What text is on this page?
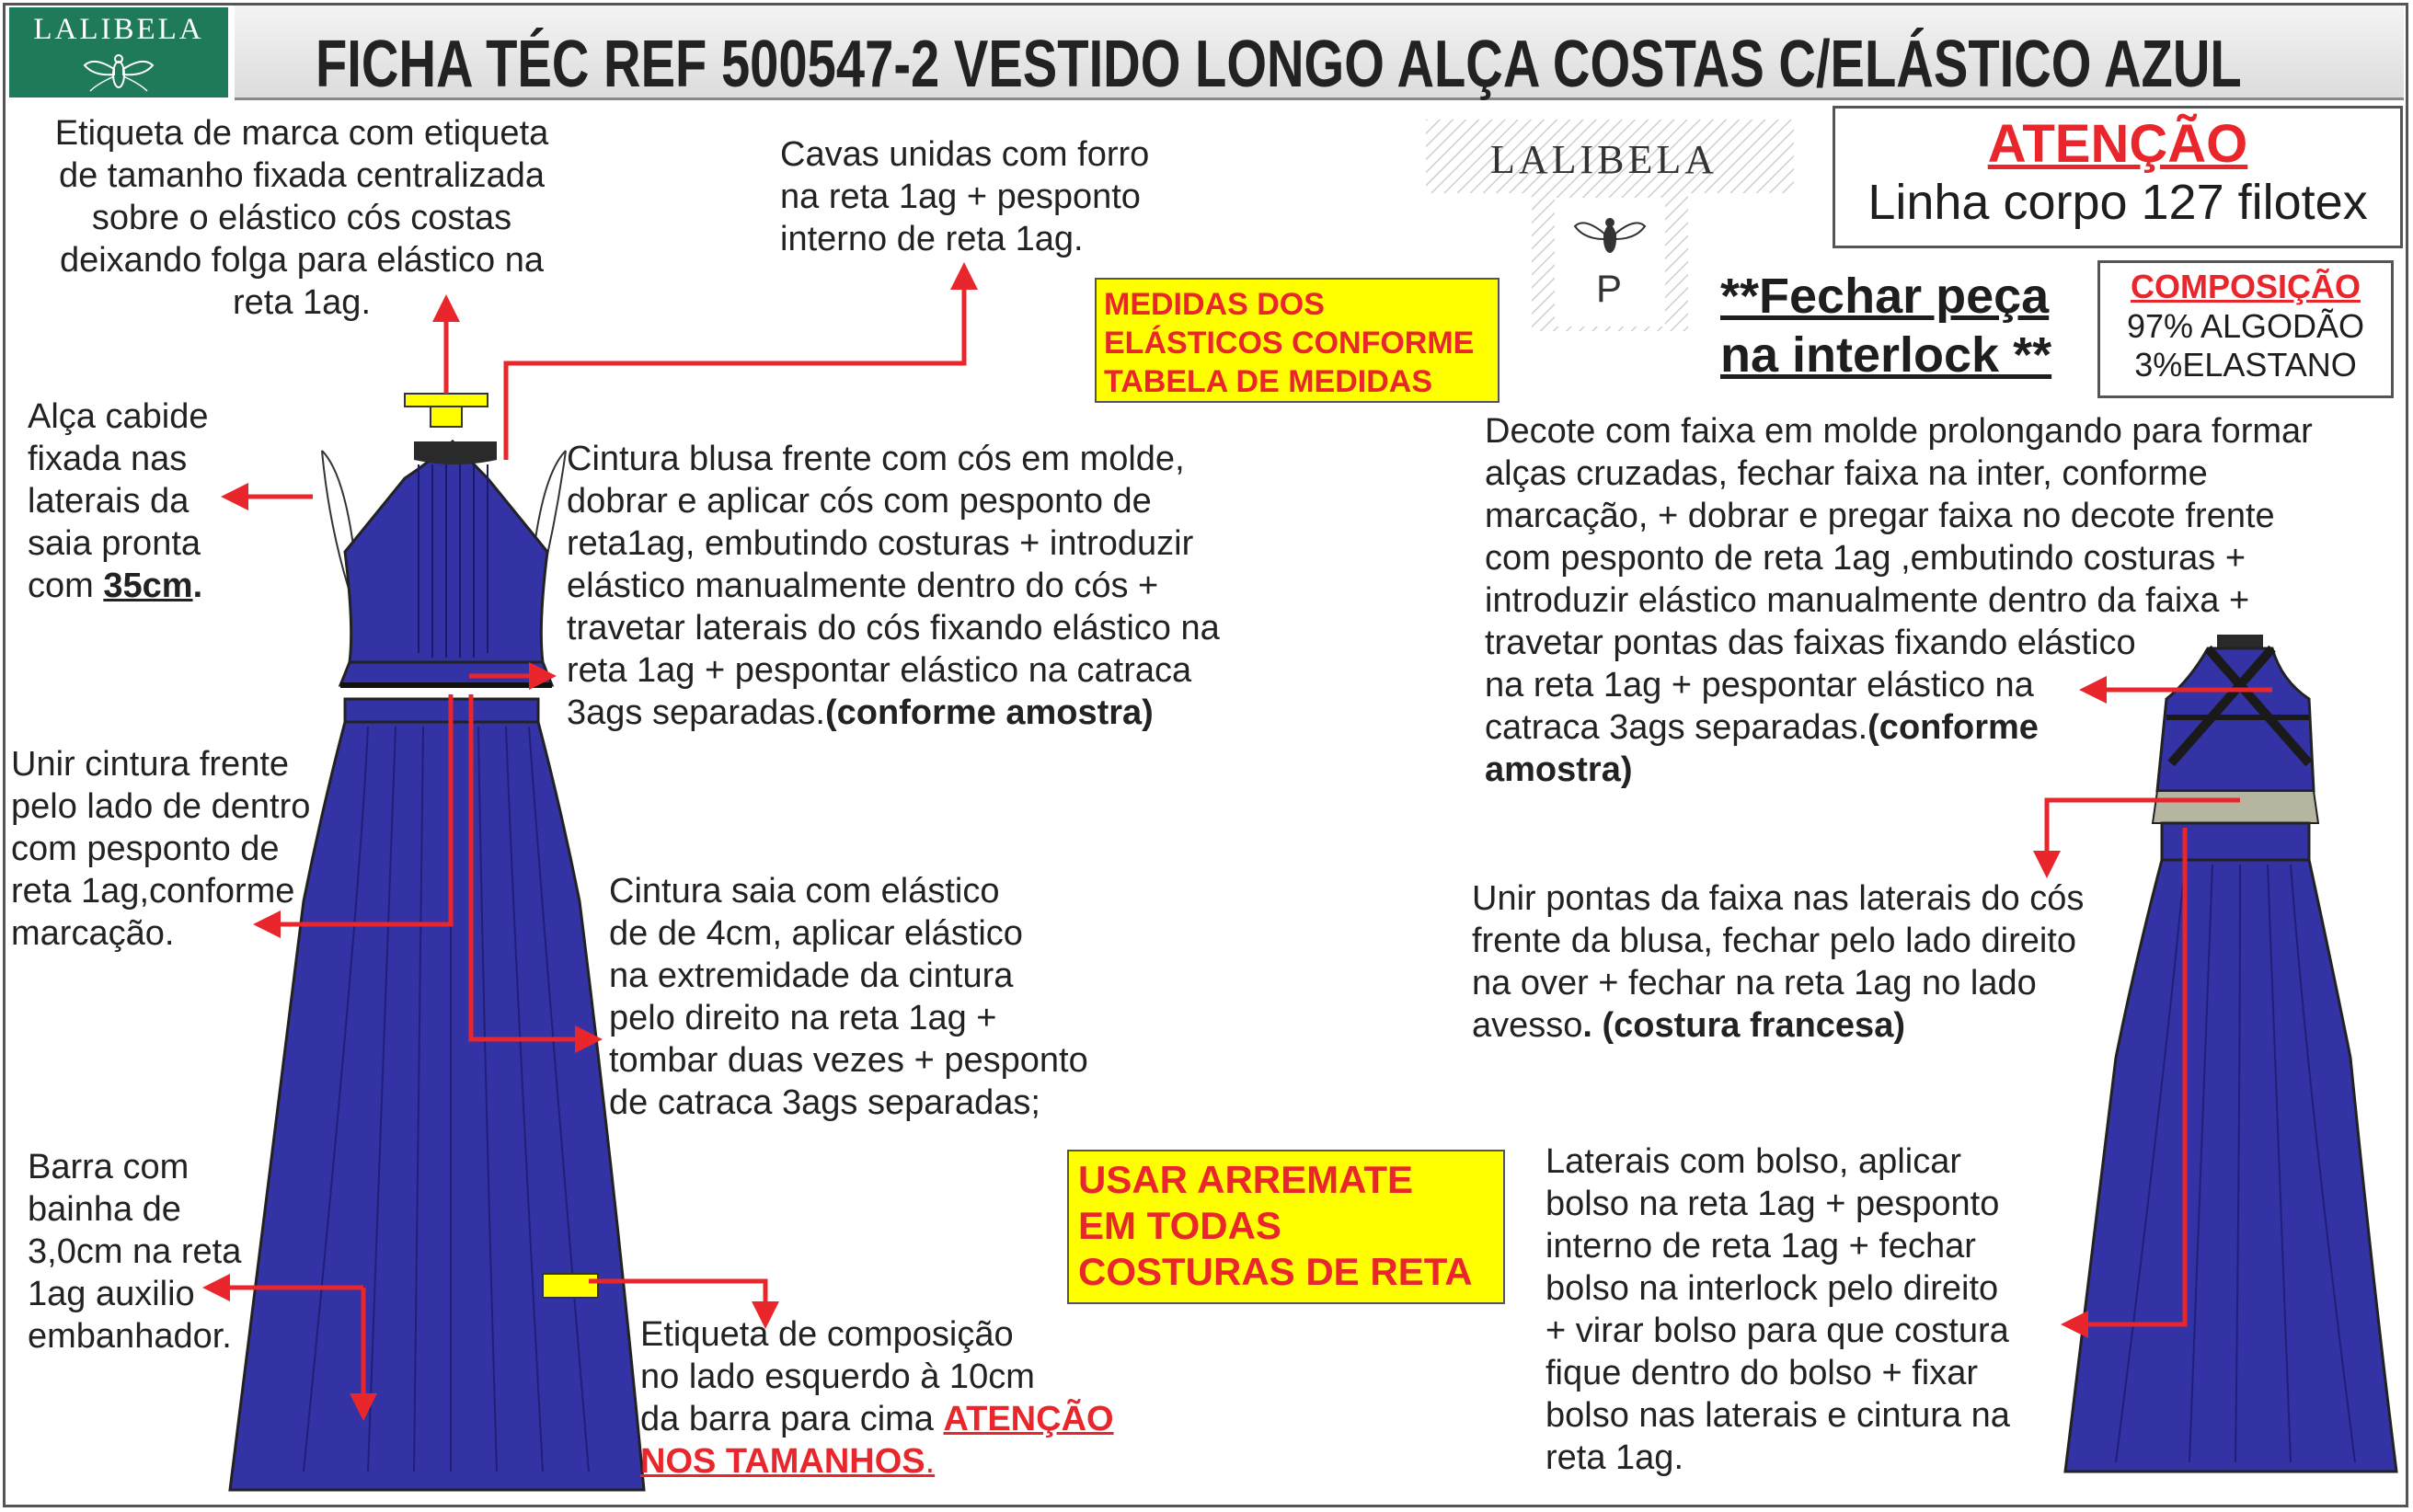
LALIBELA	FICHA TÉC REF 500547-2 VESTIDO LONGO ALÇA COSTAS C/ELÁSTICO AZUL
LALIBELA
P
ATENÇÃO
Linha corpo 127 filotex
COMPOSIÇÃO
97% ALGODÃO
3%ELASTANO
**Fechar peça
na interlock **
MEDIDAS DOS
ELÁSTICOS CONFORME
TABELA DE MEDIDAS
USAR ARREMATE
EM TODAS
COSTURAS DE RETA
Etiqueta de marca com etiqueta
de tamanho fixada centralizada
sobre o elástico cós costas
deixando folga para elástico na
reta 1ag.
Cavas unidas com forro
na reta 1ag + pesponto
interno de reta 1ag.
Alça cabide
fixada nas
laterais da
saia pronta
com 35cm.
Cintura blusa frente com cós em molde,
dobrar e aplicar cós com pesponto de
reta1ag, embutindo costuras + introduzir
elástico manualmente dentro do cós +
travetar laterais do cós fixando elástico na
reta 1ag + pespontar elástico na catraca
3ags separadas.(conforme amostra)
Unir cintura frente
pelo lado de dentro
com pesponto de
reta 1ag,conforme
marcação.
Cintura saia com elástico
de de 4cm, aplicar elástico
na extremidade da cintura
pelo direito na reta 1ag +
tombar duas vezes + pesponto
de catraca 3ags separadas;
Barra com
bainha de
3,0cm na reta
1ag auxilio
embanhador.	Etiqueta de composição
no lado esquerdo à 10cm
da barra para cima ATENÇÃO
NOS TAMANHOS.
Decote com faixa em molde prolongando para formar
alças cruzadas, fechar faixa na inter, conforme
marcação, + dobrar e pregar faixa no decote frente
com pesponto de reta 1ag ,embutindo costuras +
introduzir elástico manualmente dentro da faixa +
travetar pontas das faixas fixando elástico
na reta 1ag + pespontar elástico na
catraca 3ags separadas.(conforme
amostra)
Unir pontas da faixa nas laterais do cós
frente da blusa, fechar pelo lado direito
na over + fechar na reta 1ag no lado
avesso. (costura francesa)
Laterais com bolso, aplicar
bolso na reta 1ag + pesponto
interno de reta 1ag + fechar
bolso na interlock pelo direito
+ virar bolso para que costura
fique dentro do bolso + fixar
bolso nas laterais e cintura na
reta 1ag.
